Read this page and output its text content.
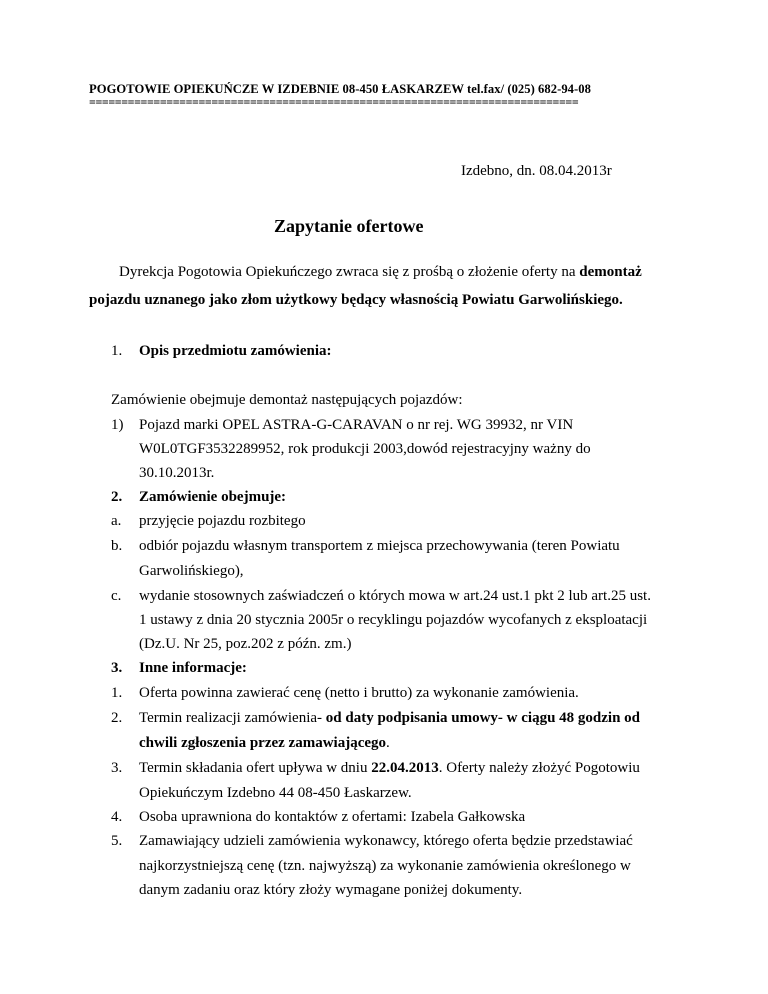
POGOTOWIE OPIEKUŃCZE W IZDEBNIE 08-450 ŁASKARZEW tel.fax/ (025) 682-94-08
============================================================================
Izdebno, dn. 08.04.2013r
Zapytanie ofertowe
Dyrekcja Pogotowia Opiekuńczego zwraca się z prośbą o złożenie oferty na demontaż
pojazdu uznanego jako złom użytkowy będący własnością Powiatu Garwolińskiego.
1. Opis przedmiotu zamówienia:
Zamówienie obejmuje demontaż następujących pojazdów:
1) Pojazd marki OPEL ASTRA-G-CARAVAN o nr rej. WG 39932, nr VIN
W0L0TGF3532289952, rok produkcji 2003,dowód rejestracyjny ważny do
30.10.2013r.
2. Zamówienie obejmuje:
a. przyjęcie pojazdu rozbitego
b. odbiór pojazdu własnym transportem z miejsca przechowywania (teren Powiatu
Garwolińskiego),
c. wydanie stosownych zaświadczeń o których mowa w art.24 ust.1 pkt 2 lub art.25 ust.
1 ustawy z dnia 20 stycznia 2005r o recyklingu pojazdów wycofanych z eksploatacji
(Dz.U. Nr 25, poz.202 z późn. zm.)
3. Inne informacje:
1. Oferta powinna zawierać cenę (netto i brutto) za wykonanie zamówienia.
2. Termin realizacji zamówienia- od daty podpisania umowy- w ciągu 48 godzin od
chwili zgłoszenia przez zamawiającego.
3. Termin składania ofert upływa w dniu 22.04.2013. Oferty należy złożyć Pogotowiu
Opiekuńczym Izdebno 44 08-450 Łaskarzew.
4. Osoba uprawniona do kontaktów z ofertami: Izabela Gałkowska
5. Zamawiający udzieli zamówienia wykonawcy, którego oferta będzie przedstawiać
najkorzystniejszą cenę (tzn. najwyższą) za wykonanie zamówienia określonego w
danym zadaniu oraz który złoży wymagane poniżej dokumenty.
